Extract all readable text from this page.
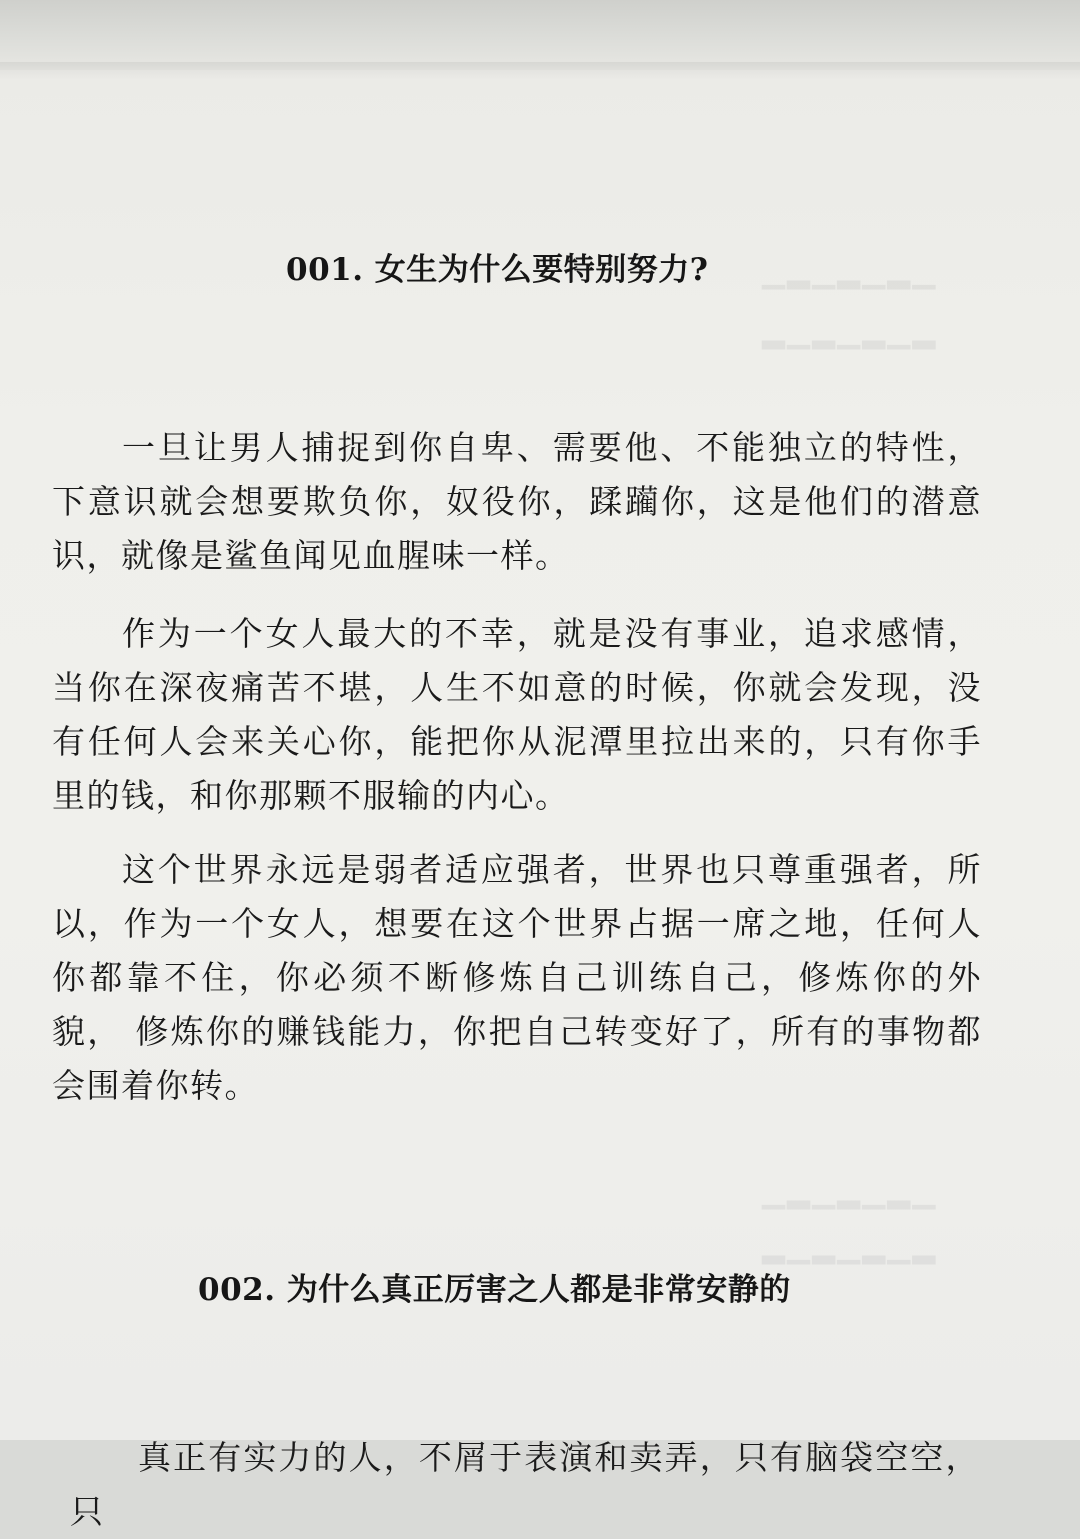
▁▂▁▂▁▂▁
▂▁▂▁▂▁▂
▁▂▁▂▁▂▁
▂▁▂▁▂▁▂
001. 女生为什么要特别努力?

一旦让男人捕捉到你自卑、需要他、不能独立的特性， 下意识就会想要欺负你，奴役你，蹂躏你，这是他们的潜意识，就像是鲨鱼闻见血腥味一样。

作为一个女人最大的不幸，就是没有事业，追求感情， 当你在深夜痛苦不堪，人生不如意的时候，你就会发现，没 有任何人会来关心你，能把你从泥潭里拉出来的，只有你手里的钱，和你那颗不服输的内心。

这个世界永远是弱者适应强者，世界也只尊重强者，所以，作为一个女人，想要在这个世界占据一席之地，任何人你都靠不住，你必须不断修炼自己训练自己，修炼你的外貌， 修炼你的赚钱能力，你把自己转变好了，所有的事物都会围着你转。

002. 为什么真正厉害之人都是非常安静的

真正有实力的人，不屑于表演和卖弄，只有脑袋空空， 只
